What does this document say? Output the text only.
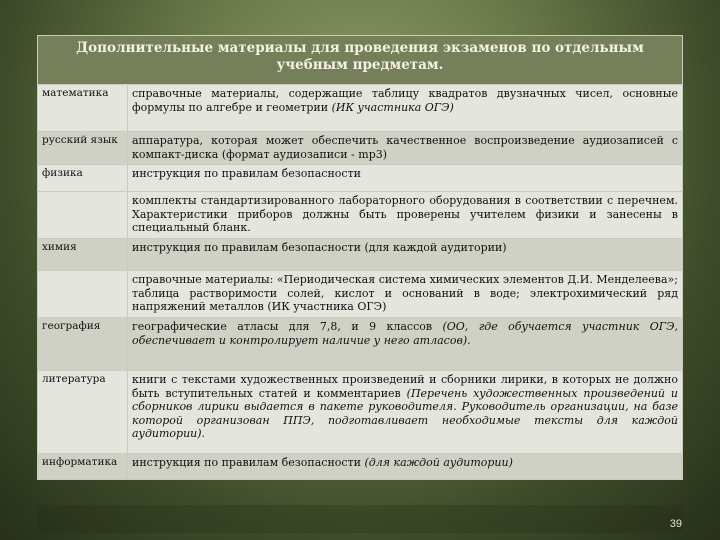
Дополнительные материалы для проведения экзаменов по отдельным учебным предметам.	
математика	справочные материалы, содержащие таблицу квадратов двузначных чисел, основные формулы по алгебре и геометрии (ИК участника ОГЭ)
русский язык	аппаратура, которая может обеспечить качественное воспроизведение аудиозаписей с компакт-диска (формат аудиозаписи - mp3)
физика	инструкция по правилам безопасности
	комплекты стандартизированного лабораторного оборудования в соответствии с перечнем. Характеристики приборов должны быть проверены учителем физики и занесены в специальный бланк.
химия	инструкция по правилам безопасности (для каждой аудитории)
	справочные материалы: «Периодическая система химических элементов Д.И. Менделеева»; таблица растворимости солей, кислот и оснований в воде; электрохимический ряд напряжений металлов (ИК участника ОГЭ)
география	географические атласы для 7,8, и 9 классов (ОО, где обучается участник ОГЭ, обеспечивает и контролирует наличие у него атласов).
литература	книги с текстами художественных произведений и сборники лирики, в которых не должно быть вступительных статей и комментариев (Перечень художественных произведений и сборников лирики выдается в пакете руководителя. Руководитель организации, на базе которой организован ППЭ, подготавливает необходимые тексты для каждой аудитории).
информатика	инструкция по правилам безопасности (для каждой аудитории)
39
